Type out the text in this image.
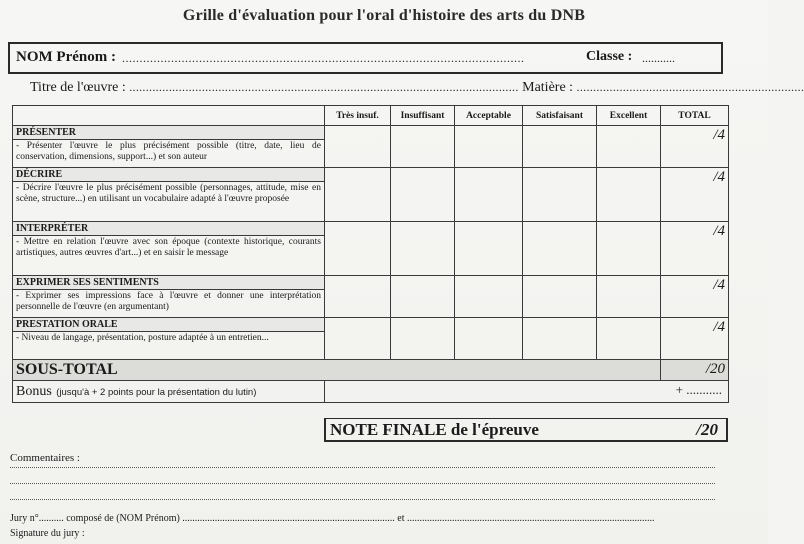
Grille d'évaluation pour l'oral d'histoire des arts du DNB
NOM Prénom : ...................................................................................................................	Classe : ...........
Titre de l'œuvre : ...................................................................................................................... Matière : .....................................................................
	Très insuf.	Insuffisant	Acceptable	Satisfaisant	Excellent	TOTAL
PRÉSENTER						/4
- Présenter l'œuvre le plus précisément possible (titre, date, lieu de conservation, dimensions, support...) et son auteur						
DÉCRIRE						/4
- Décrire l'œuvre le plus précisément possible (personnages, attitude, mise en scène, structure...) en utilisant un vocabulaire adapté à l'œuvre proposée						
INTERPRÉTER						/4
- Mettre en relation l'œuvre avec son époque (contexte historique, courants artistiques, autres œuvres d'art...) et en saisir le message						
EXPRIMER SES SENTIMENTS						/4
- Exprimer ses impressions face à l'œuvre et donner une interprétation personnelle de l'œuvre (en argumentant)						
PRESTATION ORALE						/4
- Niveau de langage, présentation, posture adaptée à un entretien...						
SOUS-TOTAL						/20
Bonus (jusqu'à + 2 points pour la présentation du lutin)	+ ...........					
NOTE FINALE de l'épreuve	/20
Commentaires :
Jury n°.......... composé de (NOM Prénom) ..................................................................................... et ...................................................................................................
Signature du jury :
